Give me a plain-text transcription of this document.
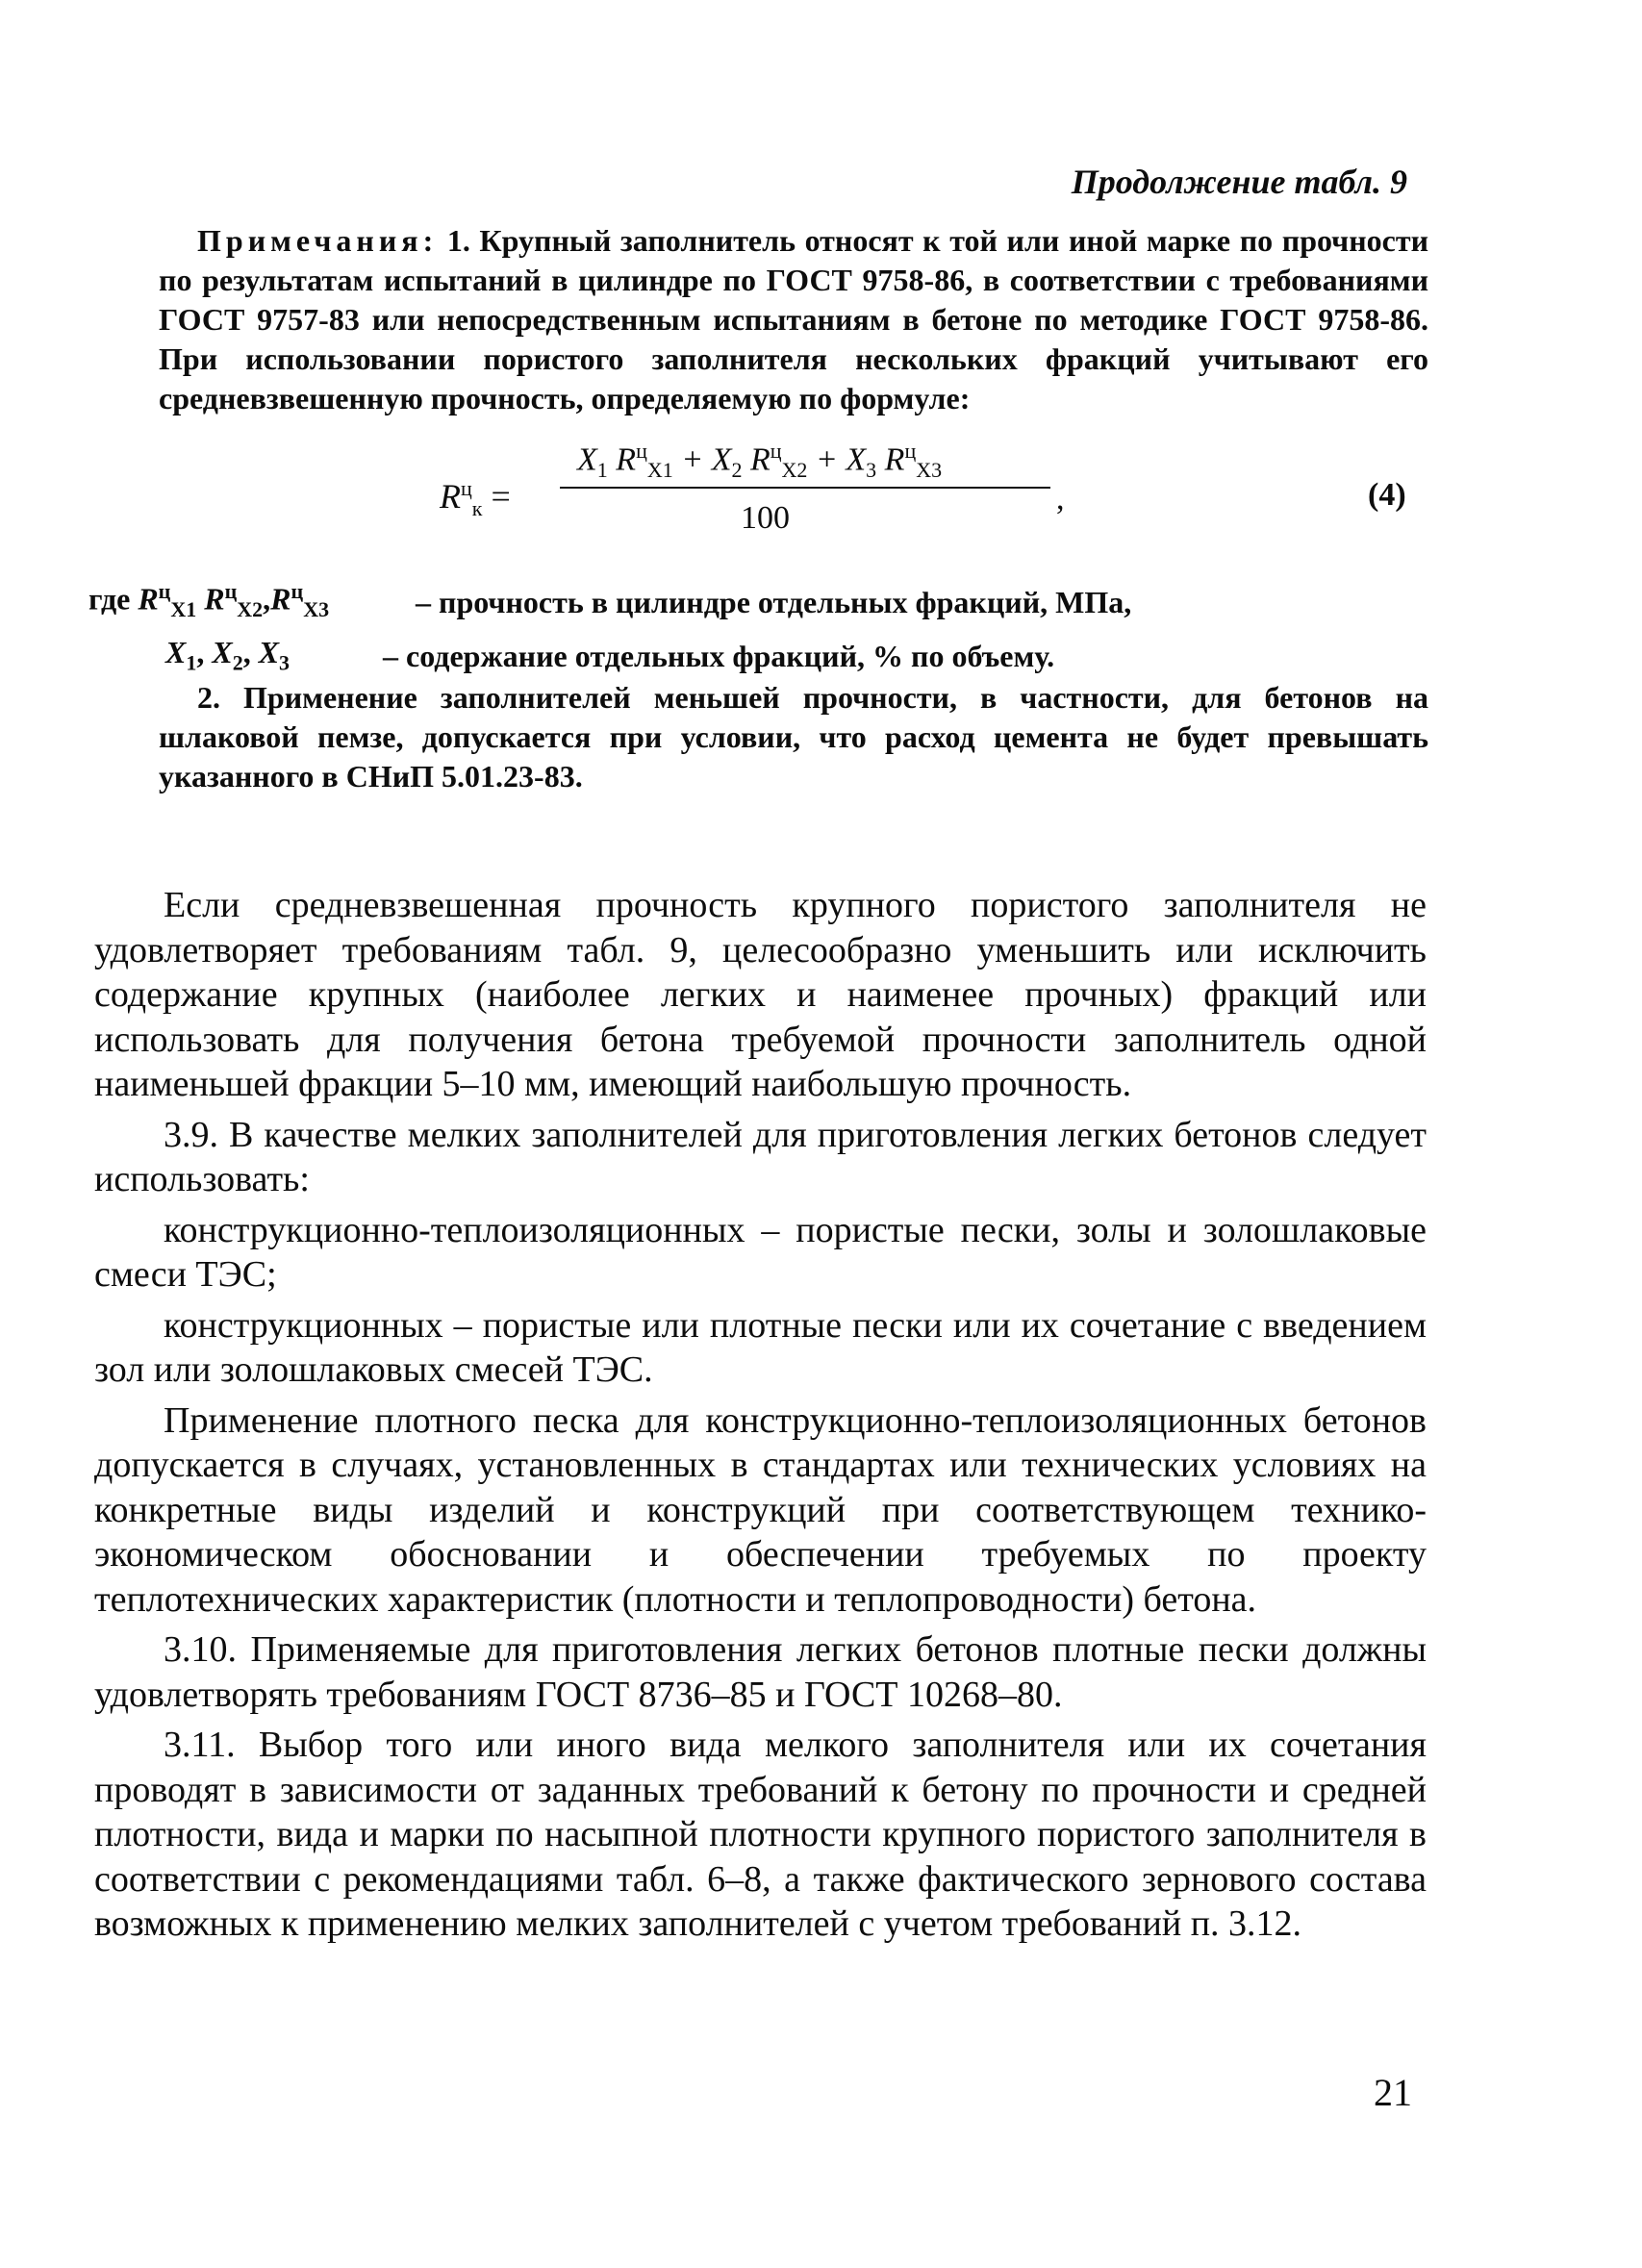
Продолжение табл. 9

Примечания: 1. Крупный заполнитель относят к той или иной марке по прочности по результатам испытаний в цилиндре по ГОСТ 9758-86, в соответствии с требованиями ГОСТ 9757-83 или непосредственным испытаниям в бетоне по методике ГОСТ 9758-86. При использовании пористого заполнителя нескольких фракций учитывают его средневзвешенную прочность, определяемую по формуле:

$R^ц_к$ =
$X_1$ $R^ц_{X1} + X_2$ $R^ц_{X2} + X_3$ $R^ц_{X3}$
100
,	(4)
где $R^ц_{X1}$ $R^ц_{X2},R^ц_{X3}$	– прочность в цилиндре отдельных фракций, МПа,
$X_1$, $X_2$, $X_3$	– содержание отдельных фракций, % по объему.

2. Применение заполнителей меньшей прочности, в частности, для бетонов на шлаковой пемзе, допускается при условии, что расход цемента не будет превышать указанного в СНиП 5.01.23-83.

Если средневзвешенная прочность крупного пористого заполнителя не удовлетворяет требованиям табл. 9, целесообразно уменьшить или исключить содержание крупных (наиболее легких и наименее прочных) фракций или использовать для получения бетона требуемой прочности заполнитель одной наименьшей фракции 5–10 мм, имеющий наибольшую прочность.

3.9. В качестве мелких заполнителей для приготовления легких бетонов следует использовать:

конструкционно-теплоизоляционных – пористые пески, золы и золошлаковые смеси ТЭС;

конструкционных – пористые или плотные пески или их сочетание с введением зол или золошлаковых смесей ТЭС.

Применение плотного песка для конструкционно-теплоизоляционных бетонов допускается в случаях, установленных в стандартах или технических условиях на конкретные виды изделий и конструкций при соответствующем технико-экономическом обосновании и обеспечении требуемых по проекту теплотехнических характеристик (плотности и теплопроводности) бетона.

3.10. Применяемые для приготовления легких бетонов плотные пески должны удовлетворять требованиям ГОСТ 8736–85 и ГОСТ 10268–80.

3.11. Выбор того или иного вида мелкого заполнителя или их сочетания проводят в зависимости от заданных требований к бетону по прочности и средней плотности, вида и марки по насыпной плотности крупного пористого заполнителя в соответствии с рекомендациями табл. 6–8, а также фактического зернового состава возможных к применению мелких заполнителей с учетом требований п. 3.12.

21
